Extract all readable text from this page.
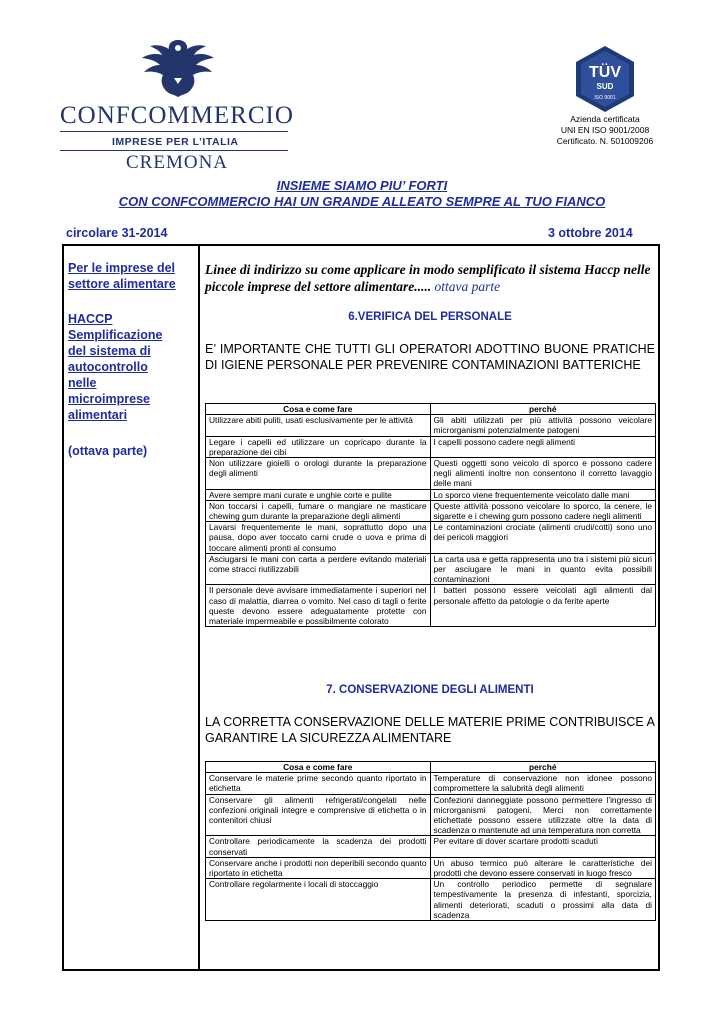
CONFCOMMERCIO
IMPRESE PER L’ITALIA
CREMONA
TÜV
SUD
ISO 9001
Azienda certificata
UNI EN ISO 9001/2008
Certificato. N. 501009206
INSIEME SIAMO PIU’ FORTI
CON CONFCOMMERCIO HAI UN GRANDE ALLEATO SEMPRE AL TUO FIANCO
circolare 31-2014	3 ottobre 2014
Per le imprese del
settore alimentare
HACCP
Semplificazione
del sistema di
autocontrollo
nelle
microimprese
alimentari
(ottava parte)
Linee di indirizzo su come applicare in modo semplificato il sistema Haccp nelle piccole imprese del settore alimentare..... ottava parte
6.VERIFICA DEL PERSONALE
E’ IMPORTANTE CHE TUTTI GLI OPERATORI ADOTTINO BUONE PRATICHE DI IGIENE PERSONALE PER PREVENIRE CONTAMINAZIONI BATTERICHE
Cosa e come fare	perché
Utilizzare abiti puliti, usati esclusivamente per le attività	Gli abiti utilizzati per più attività possono veicolare microrganismi potenzialmente patogeni
Legare i capelli ed utilizzare un copricapo durante la preparazione dei cibi	I capelli possono cadere negli alimenti
Non utilizzare gioielli o orologi durante la preparazione degli alimenti	Questi oggetti sono veicolo di sporco e possono cadere negli alimenti inoltre non consentono il corretto lavaggio delle mani
Avere sempre mani curate e unghie corte e pulite	Lo sporco viene frequentemente veicolato dalle mani
Non toccarsi i capelli, fumare o mangiare ne masticare chewing gum durante la preparazione degli alimenti	Queste attività possono veicolare lo sporco, la cenere, le sigarette e i chewing gum possono cadere negli alimenti
Lavarsi frequentemente le mani, soprattutto dopo una pausa, dopo aver toccato carni crude o uova e prima di toccare alimenti pronti al consumo	Le contaminazioni crociate (alimenti crudi/cotti) sono uno dei pericoli maggiori
Asciugarsi le mani con carta a perdere evitando materiali come stracci riutilizzabili	La carta usa e getta rappresenta uno tra i sistemi più sicuri per asciugare le mani in quanto evita possibili contaminazioni
Il personale deve avvisare immediatamente i superiori nel caso di malattia, diarrea o vomito. Nel caso di tagli o ferite queste devono essere adeguatamente protette con materiale impermeabile e possibilmente colorato	I batteri possono essere veicolati agli alimenti dal personale affetto da patologie o da ferite aperte
7. CONSERVAZIONE DEGLI ALIMENTI
LA CORRETTA CONSERVAZIONE DELLE MATERIE PRIME CONTRIBUISCE A GARANTIRE LA SICUREZZA ALIMENTARE
Cosa e come fare	perché
Conservare le materie prime secondo quanto riportato in etichetta	Temperature di conservazione non idonee possono compromettere la salubrità degli alimenti
Conservare gli alimenti refrigerati/congelati nelle confezioni originali integre e comprensive di etichetta o in contenitori chiusi	Confezioni danneggiate possono permettere l’ingresso di microrganismi patogeni. Merci non correttamente etichettate possono essere utilizzate oltre la data di scadenza o mantenute ad una temperatura non corretta
Controllare periodicamente la scadenza dei prodotti conservati	Per evitare di dover scartare prodotti scaduti
Conservare anche i prodotti non deperibili secondo quanto riportato in etichetta	Un abuso termico può alterare le caratteristiche dei prodotti che devono essere conservati in luogo fresco
Controllare regolarmente i locali di stoccaggio	Un controllo periodico permette di segnalare tempestivamente la presenza di infestanti, sporcizia, alimenti deteriorati, scaduti o prossimi alla data di scadenza
